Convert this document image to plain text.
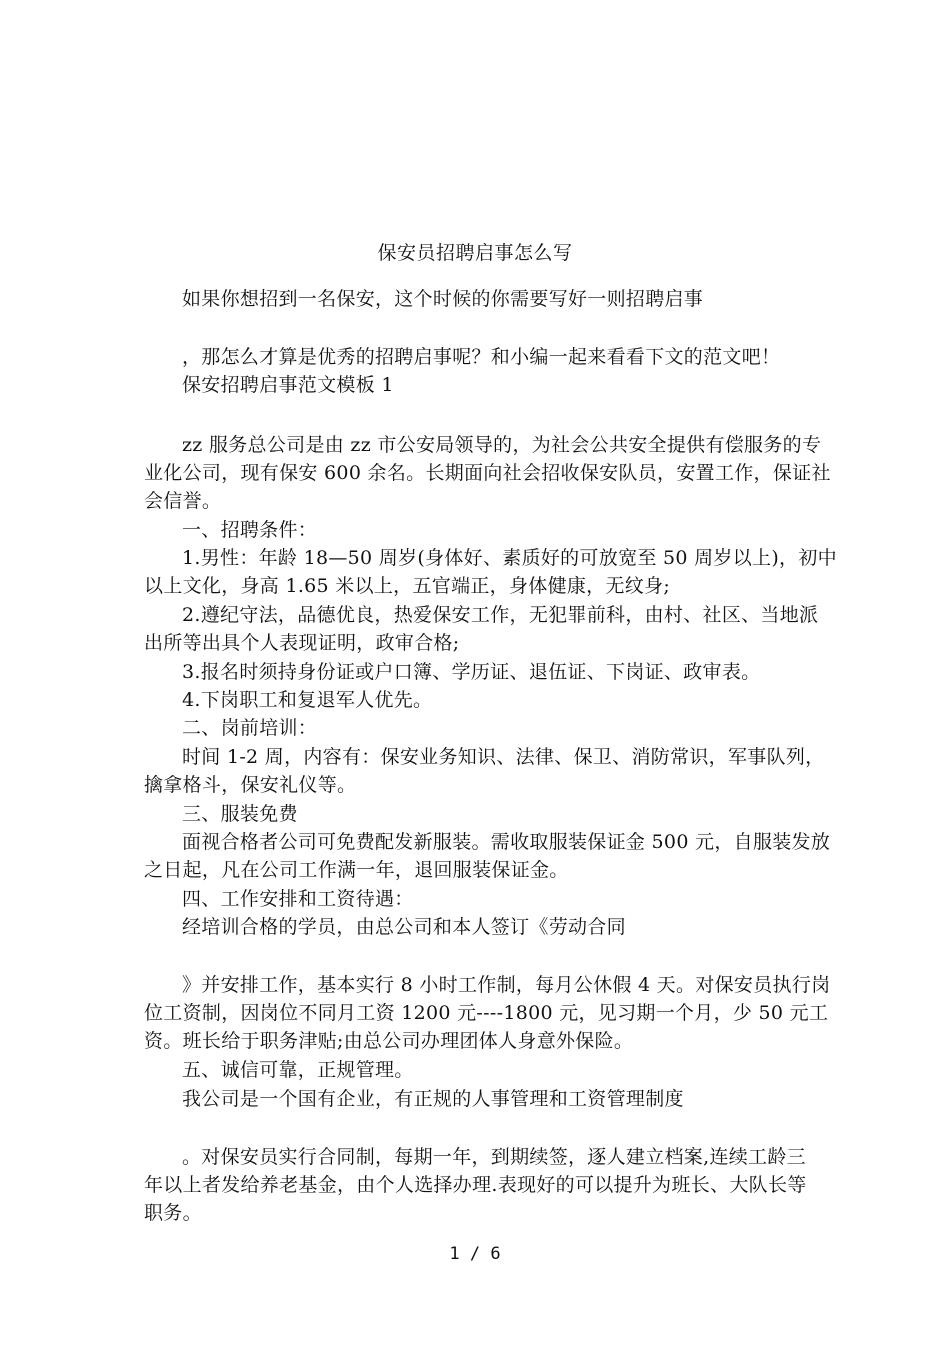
保安员招聘启事怎么写
如果你想招到一名保安，这个时候的你需要写好一则招聘启事
，那怎么才算是优秀的招聘启事呢？和小编一起来看看下文的范文吧！
保安招聘启事范文模板 1
zz 服务总公司是由 zz 市公安局领导的，为社会公共安全提供有偿服务的专
业化公司，现有保安 600 余名。长期面向社会招收保安队员，安置工作，保证社
会信誉。
一、招聘条件：
1.男性：年龄 18—50 周岁(身体好、素质好的可放宽至 50 周岁以上)，初中
以上文化，身高 1.65 米以上，五官端正，身体健康，无纹身;
2.遵纪守法，品德优良，热爱保安工作，无犯罪前科，由村、社区、当地派
出所等出具个人表现证明，政审合格;
3.报名时须持身份证或户口簿、学历证、退伍证、下岗证、政审表。
4.下岗职工和复退军人优先。
二、岗前培训：
时间 1-2 周，内容有：保安业务知识、法律、保卫、消防常识，军事队列，
擒拿格斗，保安礼仪等。
三、服装免费
面视合格者公司可免费配发新服装。需收取服装保证金 500 元，自服装发放
之日起，凡在公司工作满一年，退回服装保证金。
四、工作安排和工资待遇：
经培训合格的学员，由总公司和本人签订《劳动合同
》并安排工作，基本实行 8 小时工作制，每月公休假 4 天。对保安员执行岗
位工资制，因岗位不同月工资 1200 元----1800 元，见习期一个月，少 50 元工
资。班长给于职务津贴;由总公司办理团体人身意外保险。
五、诚信可靠，正规管理。
我公司是一个国有企业，有正规的人事管理和工资管理制度
。对保安员实行合同制，每期一年，到期续签，逐人建立档案,连续工龄三
年以上者发给养老基金，由个人选择办理.表现好的可以提升为班长、大队长等
职务。
1 / 6
